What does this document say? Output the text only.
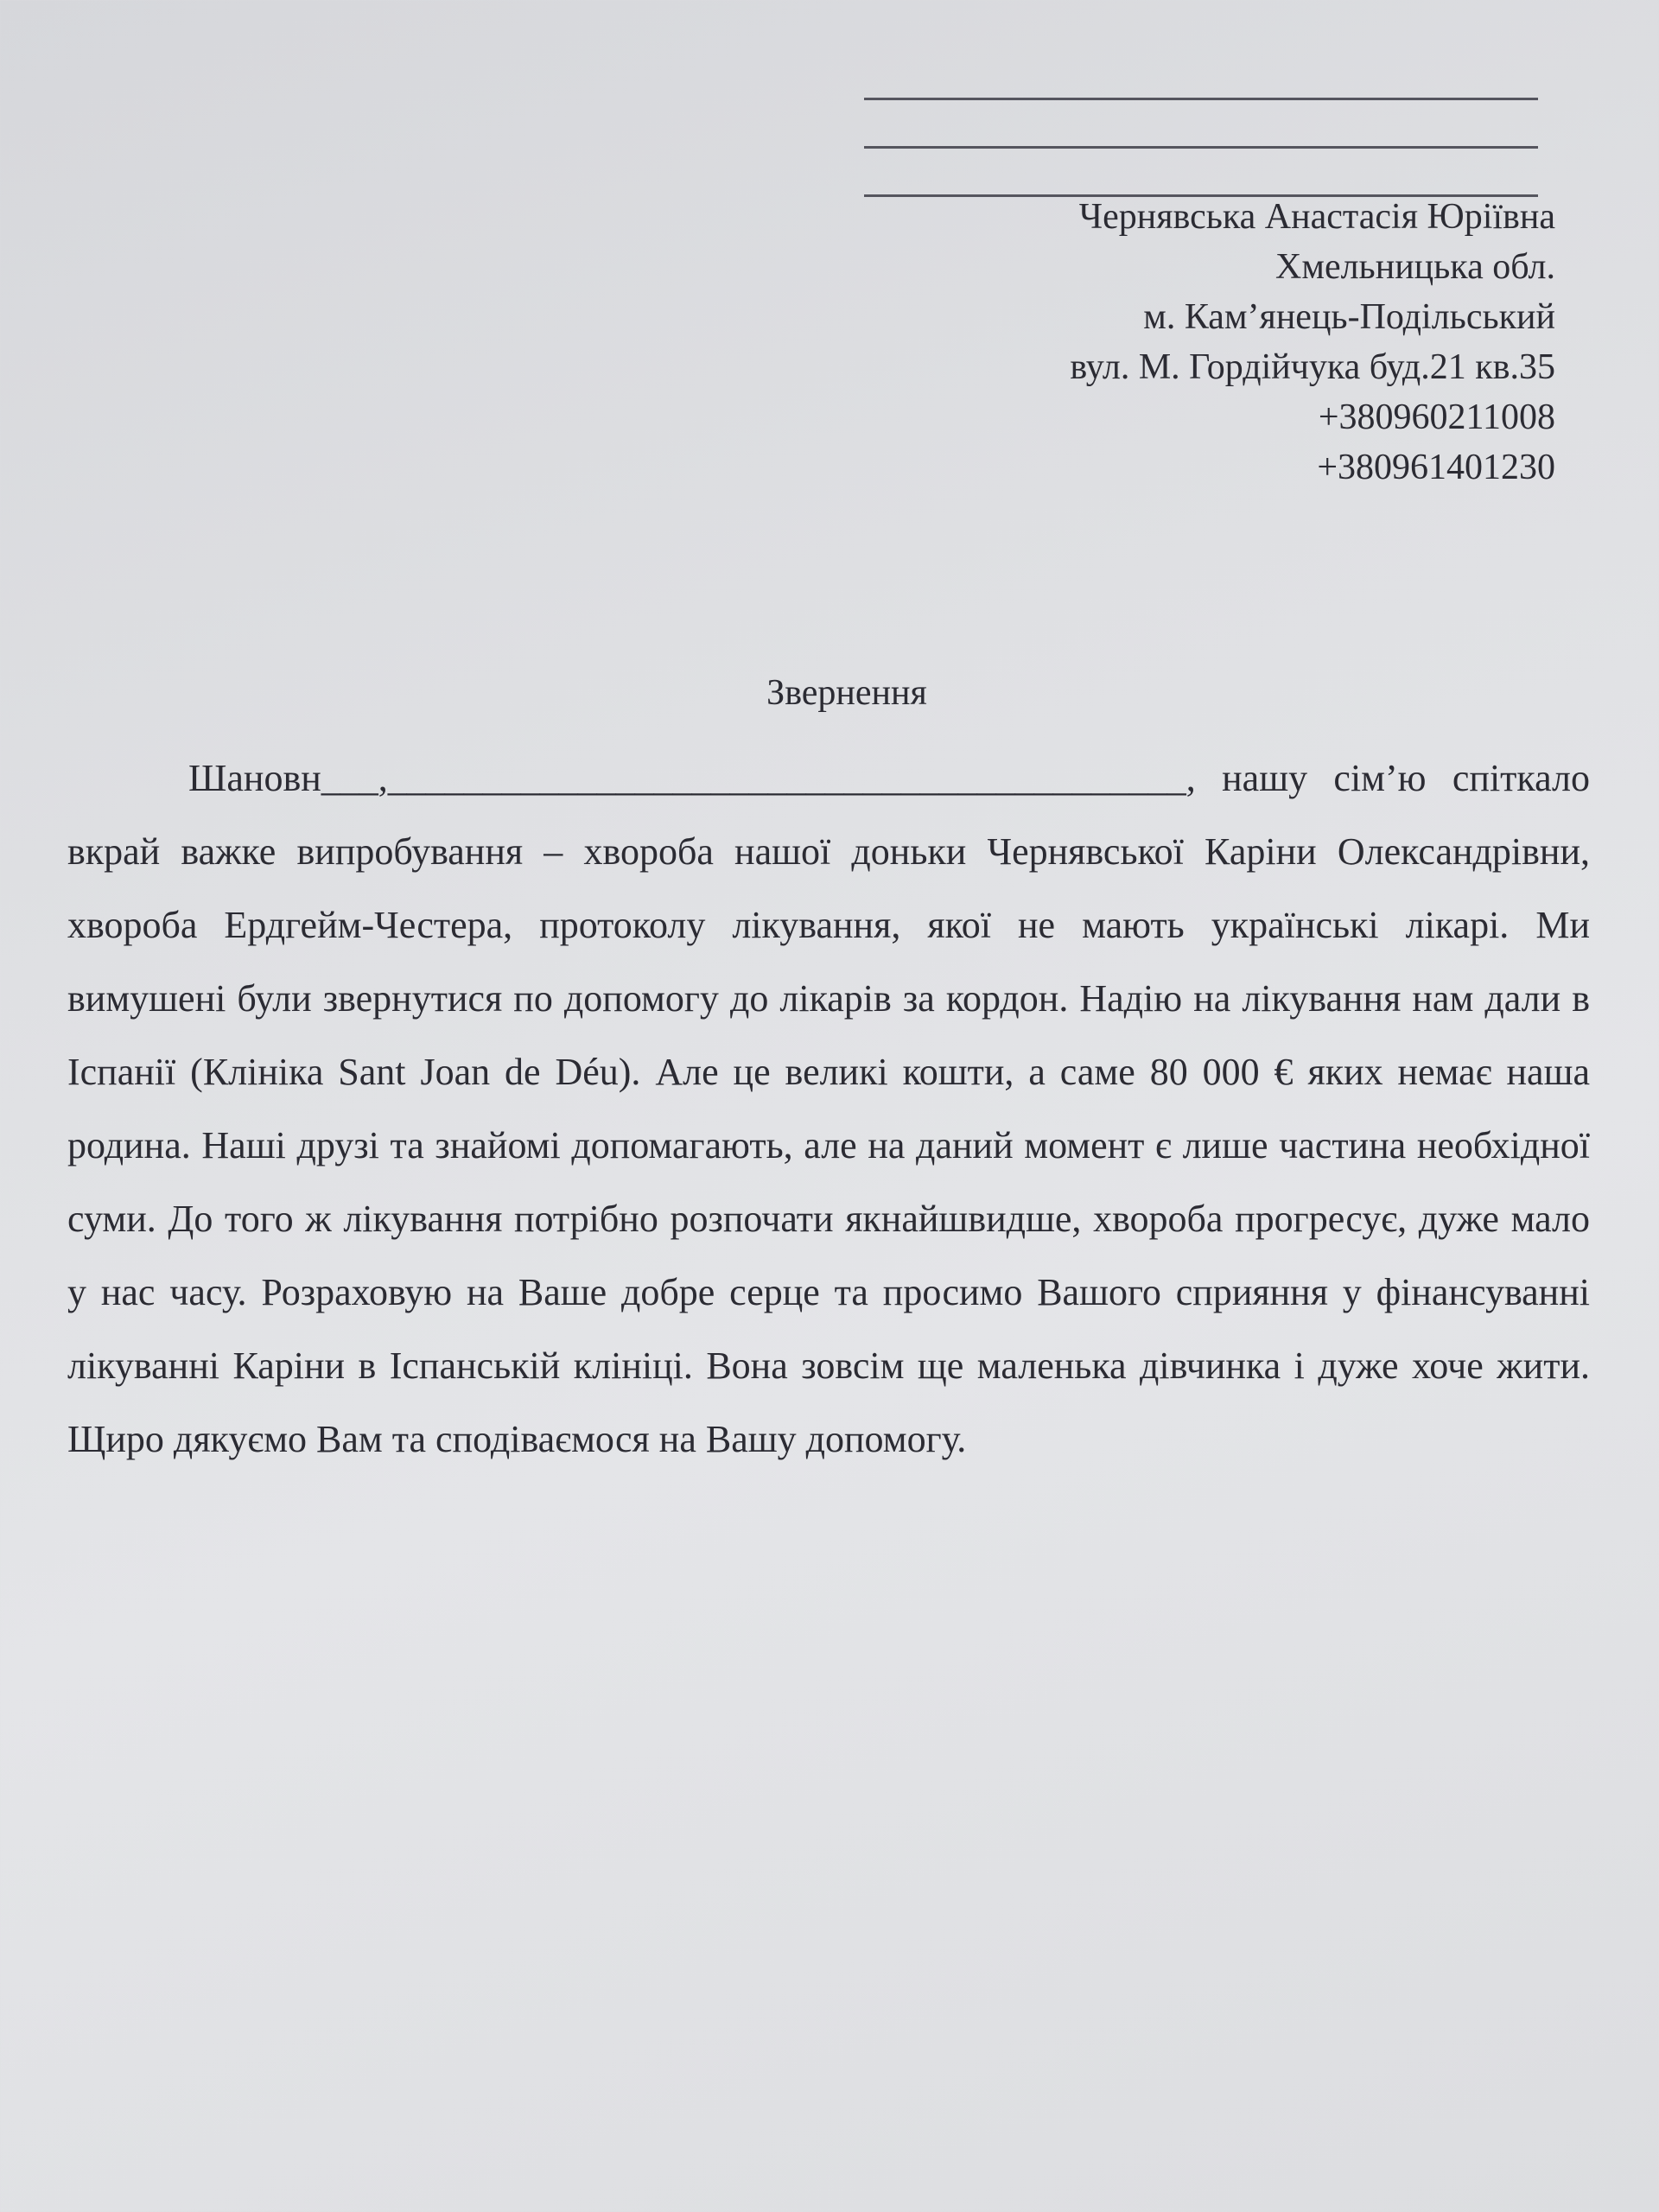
Чернявська Анастасія Юріївна
Хмельницька обл.
м. Кам’янець-Подільський
вул. М. Гордійчука буд.21 кв.35
+380960211008
+380961401230
Звернення
Шановн___,__________________________________________, нашу сім’ю спіткало вкрай важке випробування – хвороба нашої доньки Чернявської Каріни Олександрівни, хвороба Ердгейм-Честера, протоколу лікування, якої не мають українські лікарі. Ми вимушені були звернутися по допомогу до лікарів за кордон. Надію на лікування нам дали в Іспанії (Клініка Sant Joan de Déu). Але це великі кошти, а саме 80 000 € яких немає наша родина. Наші друзі та знайомі допомагають, але на даний момент є лише частина необхідної суми. До того ж лікування потрібно розпочати якнайшвидше, хвороба прогресує, дуже мало у нас часу. Розраховую на Ваше добре серце та просимо Вашого сприяння у фінансуванні лікуванні Каріни в Іспанській клініці. Вона зовсім ще маленька дівчинка і дуже хоче жити. Щиро дякуємо Вам та сподіваємося на Вашу допомогу.
